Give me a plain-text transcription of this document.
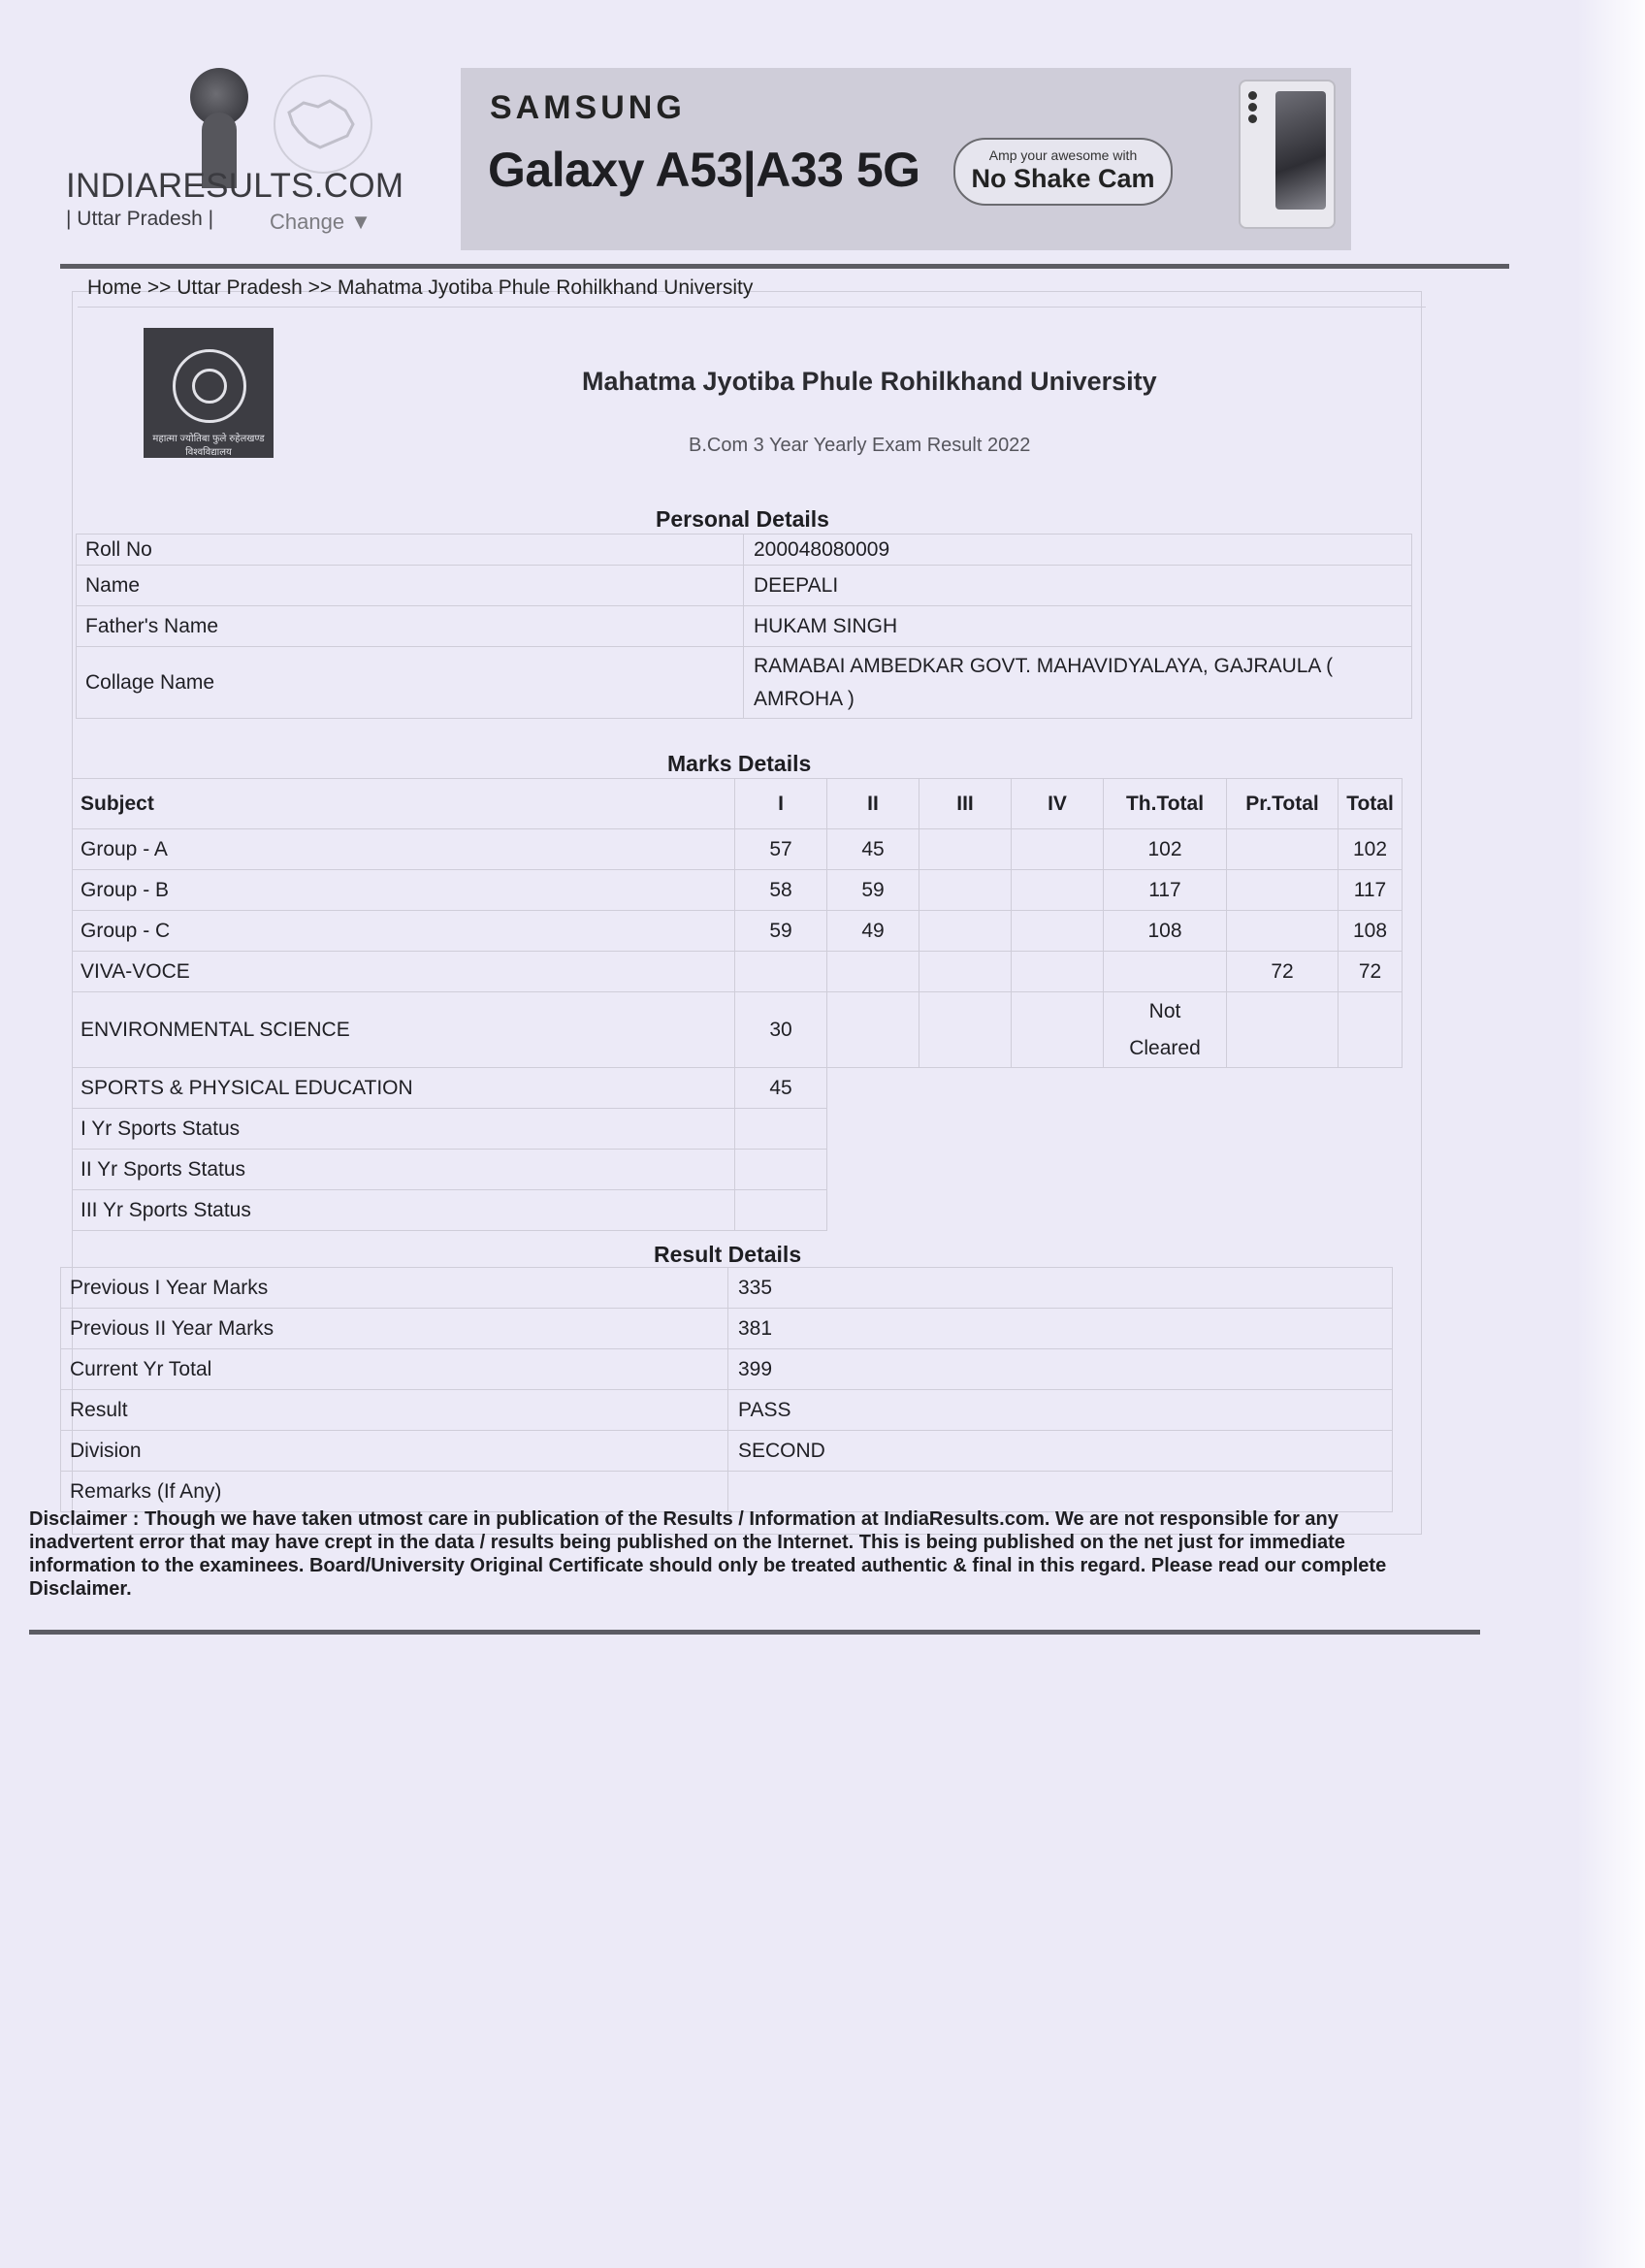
INDIARESULTS.COM
| Uttar Pradesh |	Change ▼
SAMSUNG
Galaxy A53|A33 5G	Amp your awesome with
No Shake Cam
Home >> Uttar Pradesh >> Mahatma Jyotiba Phule Rohilkhand University
महात्मा ज्योतिबा फुले रुहेलखण्ड विश्वविद्यालय
Mahatma Jyotiba Phule Rohilkhand University
B.Com 3 Year Yearly Exam Result 2022
Personal Details
Roll No	200048080009
Name	DEEPALI
Father's Name	HUKAM SINGH
Collage Name	RAMABAI AMBEDKAR GOVT. MAHAVIDYALAYA, GAJRAULA ( AMROHA )
Marks Details
Subject	I	II	III	IV	Th.Total	Pr.Total	Total
Group - A	57	45			102		102
Group - B	58	59			117		117
Group - C	59	49			108		108
VIVA-VOCE						72	72
ENVIRONMENTAL SCIENCE	30				Not Cleared		
SPORTS & PHYSICAL EDUCATION	45						
I Yr Sports Status							
II Yr Sports Status							
III Yr Sports Status							
Result Details
Previous I Year Marks	335
Previous II Year Marks	381
Current Yr Total	399
Result	PASS
Division	SECOND
Remarks (If Any)	
Disclaimer : Though we have taken utmost care in publication of the Results / Information at IndiaResults.com. We are not responsible for any inadvertent error that may have crept in the data / results being published on the Internet. This is being published on the net just for immediate information to the examinees. Board/University Original Certificate should only be treated authentic & final in this regard. Please read our complete Disclaimer.
